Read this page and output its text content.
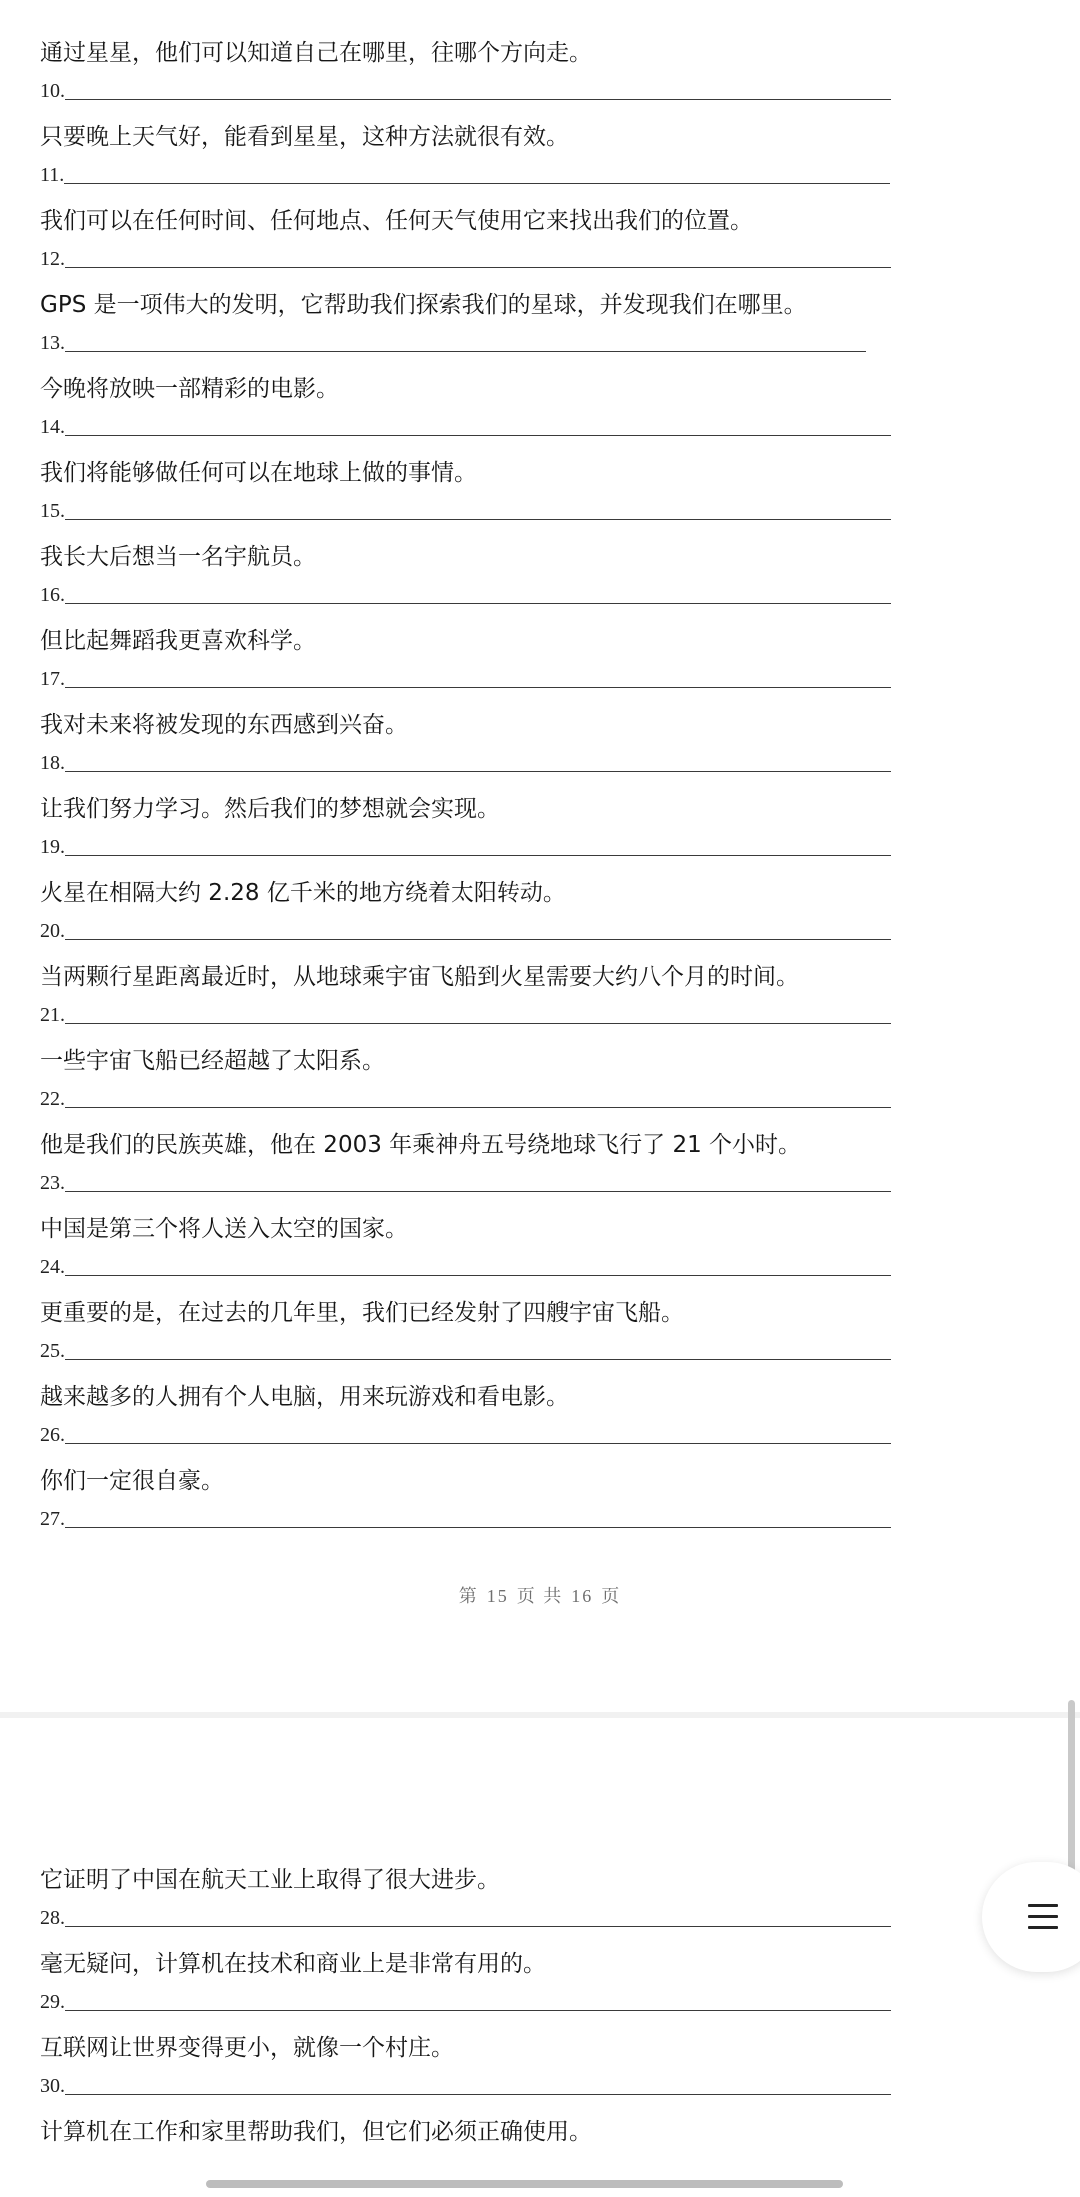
通过星星，他们可以知道自己在哪里，往哪个方向走。
10.
只要晚上天气好，能看到星星，这种方法就很有效。
11.
我们可以在任何时间、任何地点、任何天气使用它来找出我们的位置。
12.
GPS 是一项伟大的发明，它帮助我们探索我们的星球，并发现我们在哪里。
13.
今晚将放映一部精彩的电影。
14.
我们将能够做任何可以在地球上做的事情。
15.
我长大后想当一名宇航员。
16.
但比起舞蹈我更喜欢科学。
17.
我对未来将被发现的东西感到兴奋。
18.
让我们努力学习。然后我们的梦想就会实现。
19.
火星在相隔大约 2.28 亿千米的地方绕着太阳转动。
20.
当两颗行星距离最近时，从地球乘宇宙飞船到火星需要大约八个月的时间。
21.
一些宇宙飞船已经超越了太阳系。
22.
他是我们的民族英雄，他在 2003 年乘神舟五号绕地球飞行了 21 个小时。
23.
中国是第三个将人送入太空的国家。
24.
更重要的是，在过去的几年里，我们已经发射了四艘宇宙飞船。
25.
越来越多的人拥有个人电脑，用来玩游戏和看电影。
26.
你们一定很自豪。
27.
第 15 页 共 16 页
它证明了中国在航天工业上取得了很大进步。
28.
毫无疑问，计算机在技术和商业上是非常有用的。
29.
互联网让世界变得更小，就像一个村庄。
30.
计算机在工作和家里帮助我们，但它们必须正确使用。
